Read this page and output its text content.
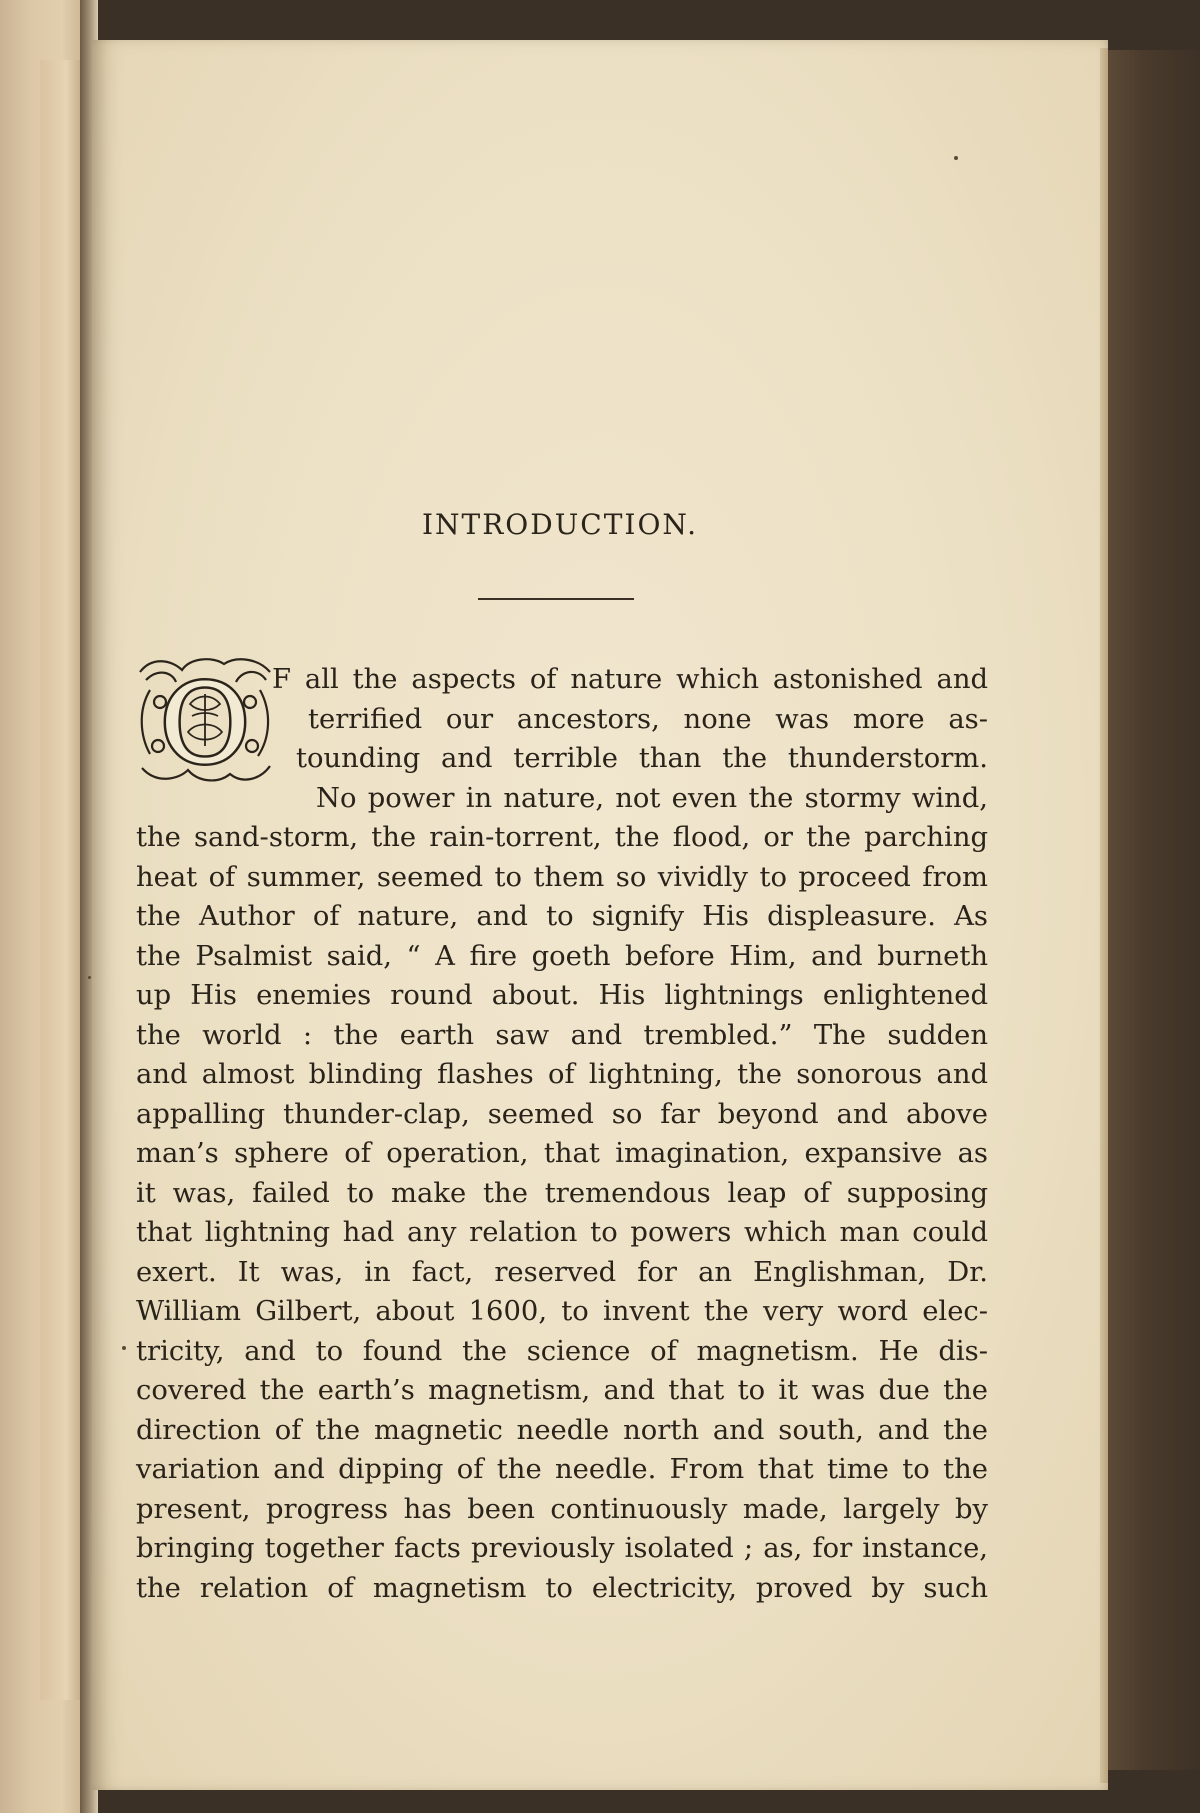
INTRODUCTION.
O F all the aspects of nature which astonished and
terrified our ancestors, none was more as-
tounding and terrible than the thunderstorm.
No power in nature, not even the stormy wind,
the sand-storm, the rain-torrent, the flood, or the parching
heat of summer, seemed to them so vividly to proceed from
the Author of nature, and to signify His displeasure. As
the Psalmist said, “ A fire goeth before Him, and burneth
up His enemies round about. His lightnings enlightened
the world : the earth saw and trembled.” The sudden
and almost blinding flashes of lightning, the sonorous and
appalling thunder-clap, seemed so far beyond and above
man’s sphere of operation, that imagination, expansive as
it was, failed to make the tremendous leap of supposing
that lightning had any relation to powers which man could
exert. It was, in fact, reserved for an Englishman, Dr.
William Gilbert, about 1600, to invent the very word elec-
tricity, and to found the science of magnetism. He dis-
covered the earth’s magnetism, and that to it was due the
direction of the magnetic needle north and south, and the
variation and dipping of the needle. From that time to the
present, progress has been continuously made, largely by
bringing together facts previously isolated ; as, for instance,
the relation of magnetism to electricity, proved by such
